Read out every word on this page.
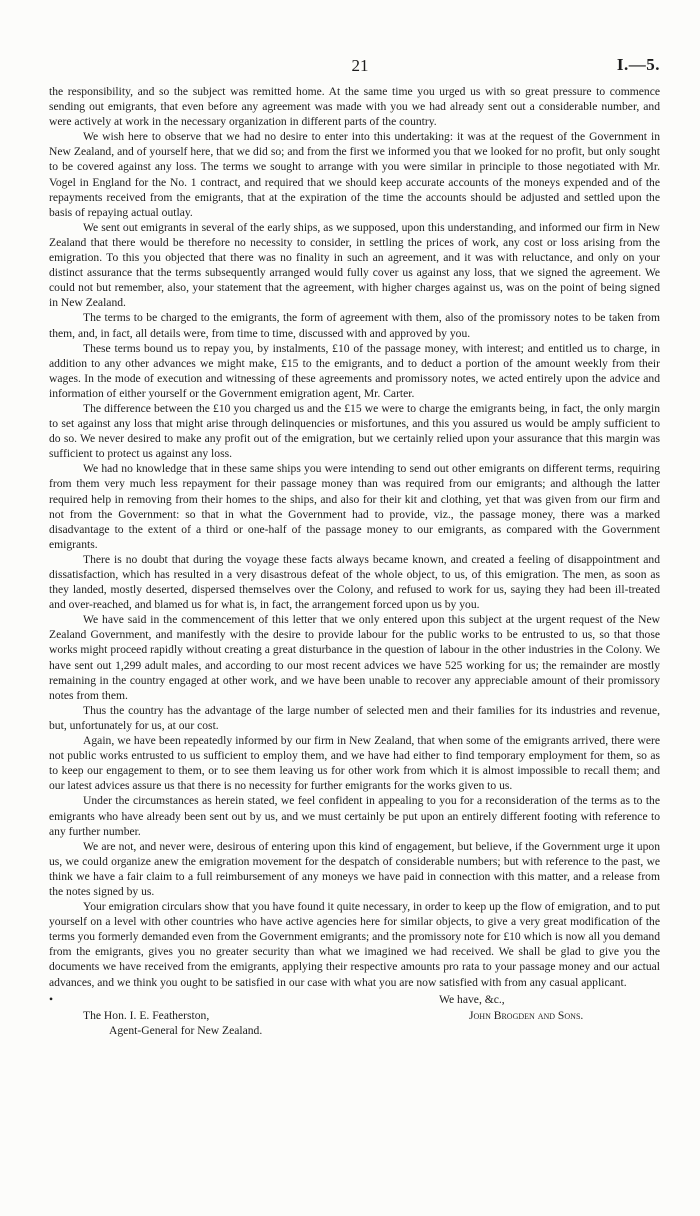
21	I.—5.

the responsibility, and so the subject was remitted home. At the same time you urged us with so great pressure to commence sending out emigrants, that even before any agreement was made with you we had already sent out a considerable number, and were actively at work in the necessary organization in different parts of the country.

We wish here to observe that we had no desire to enter into this undertaking: it was at the request of the Government in New Zealand, and of yourself here, that we did so; and from the first we informed you that we looked for no profit, but only sought to be covered against any loss. The terms we sought to arrange with you were similar in principle to those negotiated with Mr. Vogel in England for the No. 1 contract, and required that we should keep accurate accounts of the moneys expended and of the repayments received from the emigrants, that at the expiration of the time the accounts should be adjusted and settled upon the basis of repaying actual outlay.

We sent out emigrants in several of the early ships, as we supposed, upon this understanding, and informed our firm in New Zealand that there would be therefore no necessity to consider, in settling the prices of work, any cost or loss arising from the emigration. To this you objected that there was no finality in such an agreement, and it was with reluctance, and only on your distinct assurance that the terms subsequently arranged would fully cover us against any loss, that we signed the agreement. We could not but remember, also, your statement that the agreement, with higher charges against us, was on the point of being signed in New Zealand.

The terms to be charged to the emigrants, the form of agreement with them, also of the promissory notes to be taken from them, and, in fact, all details were, from time to time, discussed with and approved by you.

These terms bound us to repay you, by instalments, £10 of the passage money, with interest; and entitled us to charge, in addition to any other advances we might make, £15 to the emigrants, and to deduct a portion of the amount weekly from their wages. In the mode of execution and witnessing of these agreements and promissory notes, we acted entirely upon the advice and information of either yourself or the Government emigration agent, Mr. Carter.

The difference between the £10 you charged us and the £15 we were to charge the emigrants being, in fact, the only margin to set against any loss that might arise through delinquencies or misfortunes, and this you assured us would be amply sufficient to do so. We never desired to make any profit out of the emigration, but we certainly relied upon your assurance that this margin was sufficient to protect us against any loss.

We had no knowledge that in these same ships you were intending to send out other emigrants on different terms, requiring from them very much less repayment for their passage money than was required from our emigrants; and although the latter required help in removing from their homes to the ships, and also for their kit and clothing, yet that was given from our firm and not from the Government: so that in what the Government had to provide, viz., the passage money, there was a marked disadvantage to the extent of a third or one-half of the passage money to our emigrants, as compared with the Government emigrants.

There is no doubt that during the voyage these facts always became known, and created a feeling of disappointment and dissatisfaction, which has resulted in a very disastrous defeat of the whole object, to us, of this emigration. The men, as soon as they landed, mostly deserted, dispersed themselves over the Colony, and refused to work for us, saying they had been ill-treated and over-reached, and blamed us for what is, in fact, the arrangement forced upon us by you.

We have said in the commencement of this letter that we only entered upon this subject at the urgent request of the New Zealand Government, and manifestly with the desire to provide labour for the public works to be entrusted to us, so that those works might proceed rapidly without creating a great disturbance in the question of labour in the other industries in the Colony. We have sent out 1,299 adult males, and according to our most recent advices we have 525 working for us; the remainder are mostly remaining in the country engaged at other work, and we have been unable to recover any appreciable amount of their promissory notes from them.

Thus the country has the advantage of the large number of selected men and their families for its industries and revenue, but, unfortunately for us, at our cost.

Again, we have been repeatedly informed by our firm in New Zealand, that when some of the emigrants arrived, there were not public works entrusted to us sufficient to employ them, and we have had either to find temporary employment for them, so as to keep our engagement to them, or to see them leaving us for other work from which it is almost impossible to recall them; and our latest advices assure us that there is no necessity for further emigrants for the works given to us.

Under the circumstances as herein stated, we feel confident in appealing to you for a reconsideration of the terms as to the emigrants who have already been sent out by us, and we must certainly be put upon an entirely different footing with reference to any further number.

We are not, and never were, desirous of entering upon this kind of engagement, but believe, if the Government urge it upon us, we could organize anew the emigration movement for the despatch of considerable numbers; but with reference to the past, we think we have a fair claim to a full reimbursement of any moneys we have paid in connection with this matter, and a release from the notes signed by us.

Your emigration circulars show that you have found it quite necessary, in order to keep up the flow of emigration, and to put yourself on a level with other countries who have active agencies here for similar objects, to give a very great modification of the terms you formerly demanded even from the Government emigrants; and the promissory note for £10 which is now all you demand from the emigrants, gives you no greater security than what we imagined we had received. We shall be glad to give you the documents we have received from the emigrants, applying their respective amounts pro rata to your passage money and our actual advances, and we think you ought to be satisfied in our case with what you are now satisfied with from any casual applicant.

•	We have, &c.,
John Brogden and Sons.
The Hon. I. E. Featherston,
Agent-General for New Zealand.
